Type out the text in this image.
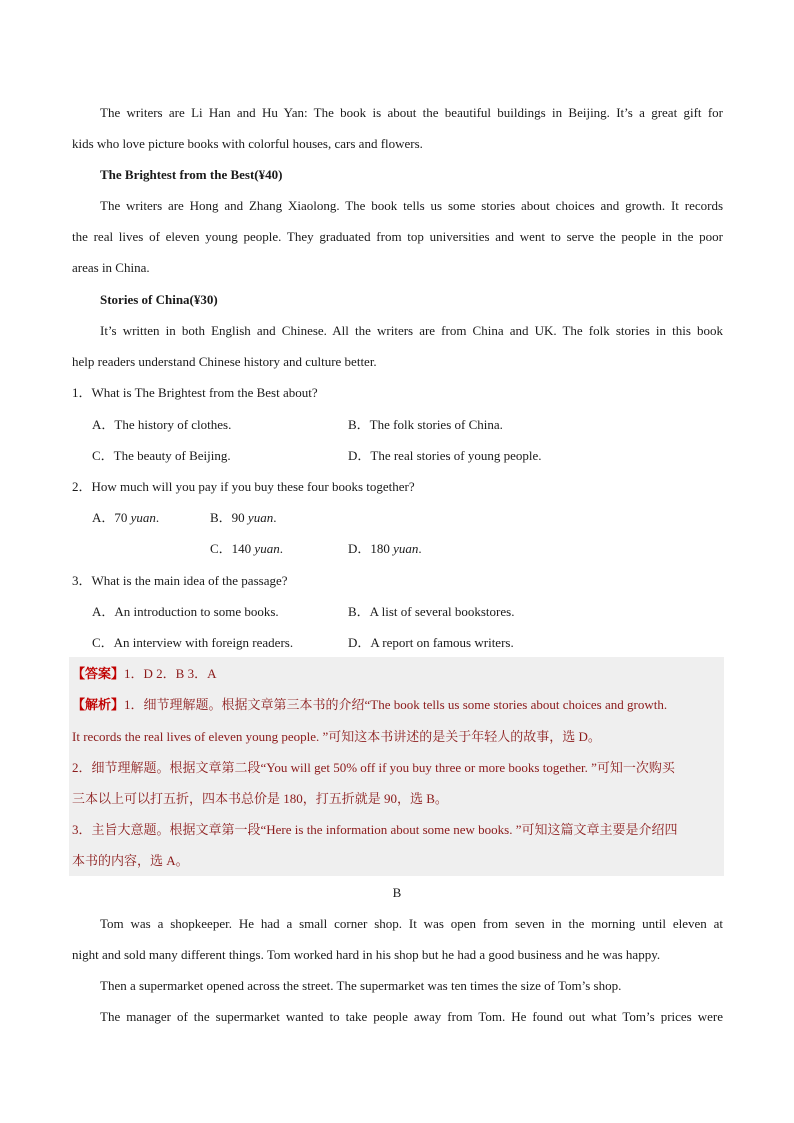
The writers are Li Han and Hu Yan: The book is about the beautiful buildings in Beijing. It’s a great gift for
kids who love picture books with colorful houses, cars and flowers.
The Brightest from the Best(¥40)
The writers are Hong and Zhang Xiaolong. The book tells us some stories about choices and growth. It records
the real lives of eleven young people. They graduated from top universities and went to serve the people in the poor
areas in China.
Stories of China(¥30)
It’s written in both English and Chinese. All the writers are from China and UK. The folk stories in this book
help readers understand Chinese history and culture better.
1．What is The Brightest from the Best about?
A．The history of clothes.	B．The folk stories of China.
C．The beauty of Beijing.	D．The real stories of young people.
2．How much will you pay if you buy these four books together?
A．70 yuan.	B．90 yuan.
C．140 yuan.	D．180 yuan.
3．What is the main idea of the passage?
A．An introduction to some books.	B．A list of several bookstores.
C．An interview with foreign readers.	D．A report on famous writers.
【答案】1．D 2．B 3．A
【解析】1．细节理解题。根据文章第三本书的介绍“The book tells us some stories about choices and growth.
It records the real lives of eleven young people. ”可知这本书讲述的是关于年轻人的故事，选 D。
2．细节理解题。根据文章第二段“You will get 50% off if you buy three or more books together. ”可知一次购买
三本以上可以打五折，四本书总价是 180，打五折就是 90，选 B。
3．主旨大意题。根据文章第一段“Here is the information about some new books. ”可知这篇文章主要是介绍四
本书的内容，选 A。
B
Tom was a shopkeeper. He had a small corner shop. It was open from seven in the morning until eleven at
night and sold many different things. Tom worked hard in his shop but he had a good business and he was happy.
Then a supermarket opened across the street. The supermarket was ten times the size of Tom’s shop.
The manager of the supermarket wanted to take people away from Tom. He found out what Tom’s prices were
